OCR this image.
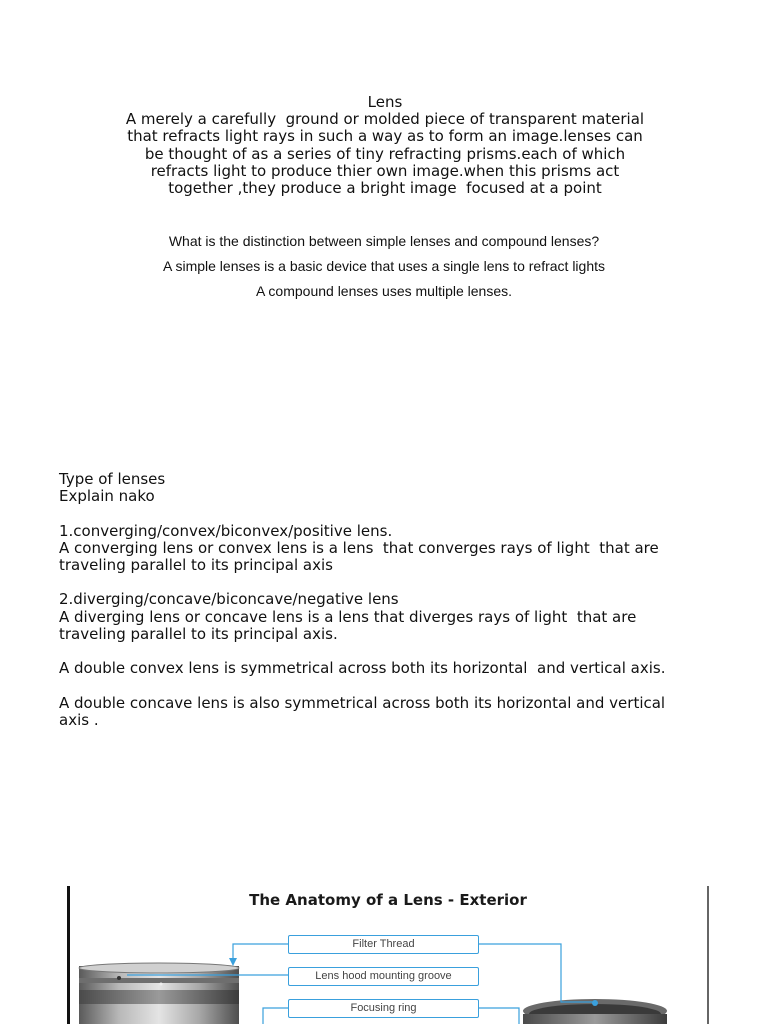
Lens
A merely a carefully  ground or molded piece of transparent material
that refracts light rays in such a way as to form an image.lenses can
be thought of as a series of tiny refracting prisms.each of which
refracts light to produce thier own image.when this prisms act
together ,they produce a bright image  focused at a point
What is the distinction between simple lenses and compound lenses?
A simple lenses is a basic device that uses a single lens to refract lights
A compound lenses uses multiple lenses.
Type of lenses
Explain nako
1.converging/convex/biconvex/positive lens.
A converging lens or convex lens is a lens  that converges rays of light  that are
traveling parallel to its principal axis
2.diverging/concave/biconcave/negative lens
A diverging lens or concave lens is a lens that diverges rays of light  that are
traveling parallel to its principal axis.
A double convex lens is symmetrical across both its horizontal  and vertical axis.
A double concave lens is also symmetrical across both its horizontal and vertical
axis .
The Anatomy of a Lens - Exterior
Filter Thread
Lens hood mounting groove
Focusing ring
